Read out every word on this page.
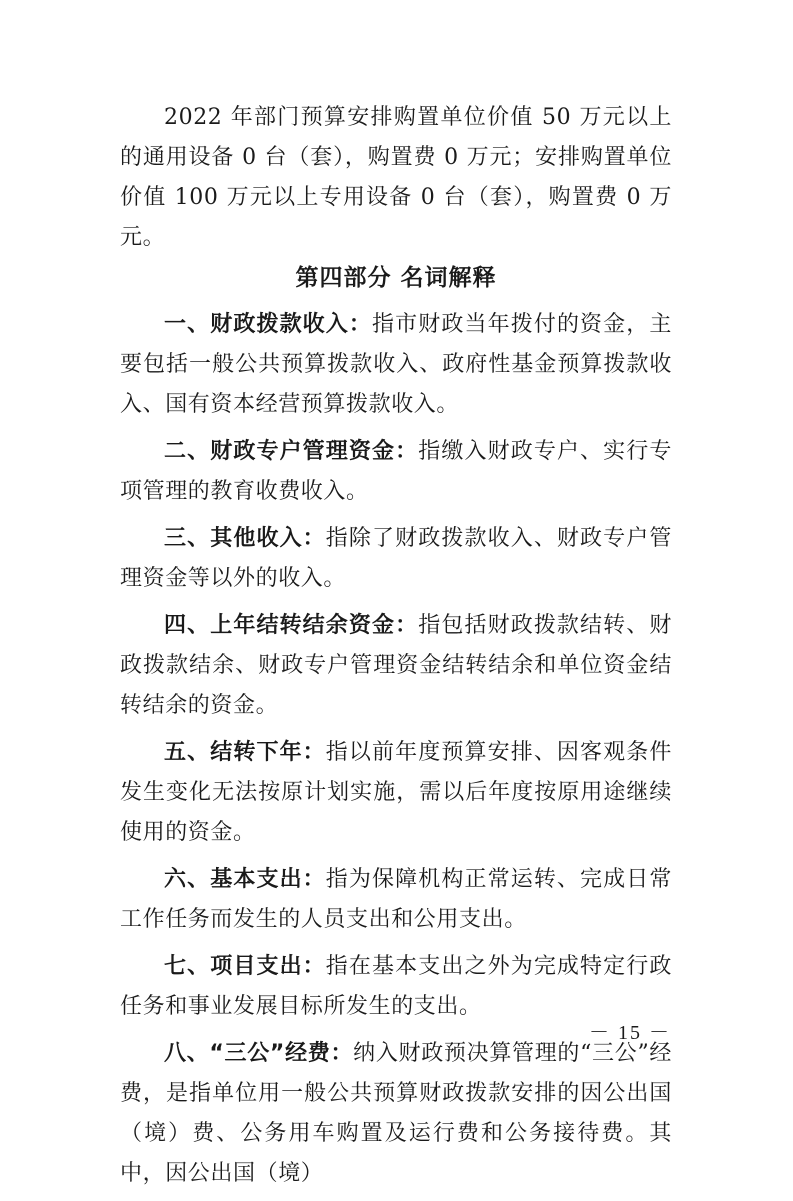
2022 年部门预算安排购置单位价值 50 万元以上的通用设备 0 台（套），购置费 0 万元；安排购置单位价值 100 万元以上专用设备 0 台（套），购置费 0 万元。

第四部分 名词解释

一、财政拨款收入：指市财政当年拨付的资金，主要包括一般公共预算拨款收入、政府性基金预算拨款收入、国有资本经营预算拨款收入。

二、财政专户管理资金：指缴入财政专户、实行专项管理的教育收费收入。

三、其他收入：指除了财政拨款收入、财政专户管理资金等以外的收入。

四、上年结转结余资金：指包括财政拨款结转、财政拨款结余、财政专户管理资金结转结余和单位资金结转结余的资金。

五、结转下年：指以前年度预算安排、因客观条件发生变化无法按原计划实施，需以后年度按原用途继续使用的资金。

六、基本支出：指为保障机构正常运转、完成日常工作任务而发生的人员支出和公用支出。

七、项目支出：指在基本支出之外为完成特定行政任务和事业发展目标所发生的支出。

八、“三公”经费：纳入财政预决算管理的“三公”经费，是指单位用一般公共预算财政拨款安排的因公出国（境）费、公务用车购置及运行费和公务接待费。其中，因公出国（境）

－ 15 －
